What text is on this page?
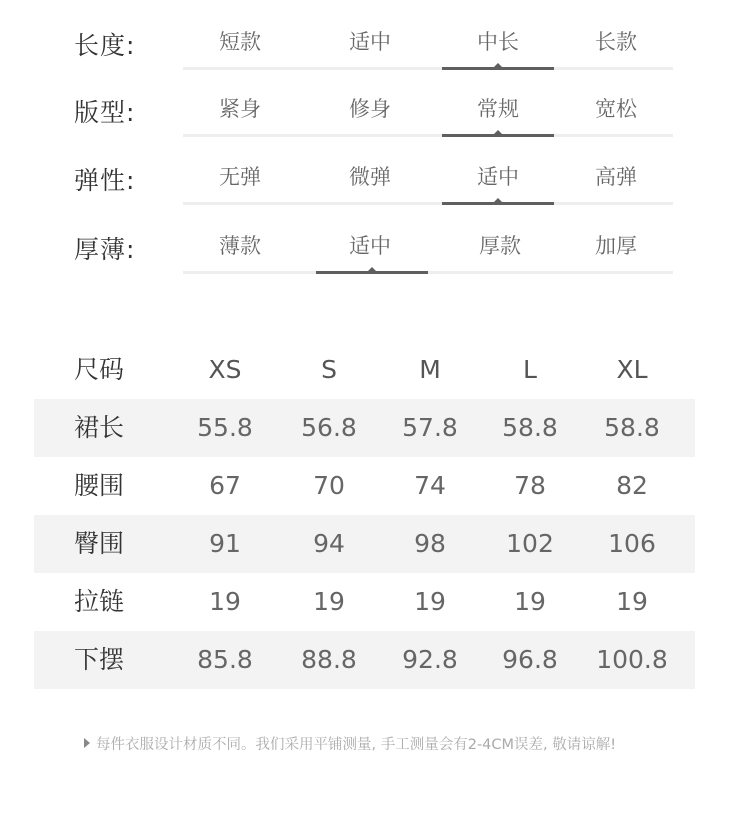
长度:	短款	适中	中长	长款
版型:	紧身	修身	常规	宽松
弹性:	无弹	微弹	适中	高弹
厚薄:	薄款	适中	厚款	加厚
尺码	XS	S	M	L	XL
裙长	55.8	56.8	57.8	58.8	58.8
腰围	67	70	74	78	82
臀围	91	94	98	102	106
拉链	19	19	19	19	19
下摆	85.8	88.8	92.8	96.8	100.8
每件衣服设计材质不同。我们采用平铺测量, 手工测量会有2-4CM误差, 敬请谅解!
